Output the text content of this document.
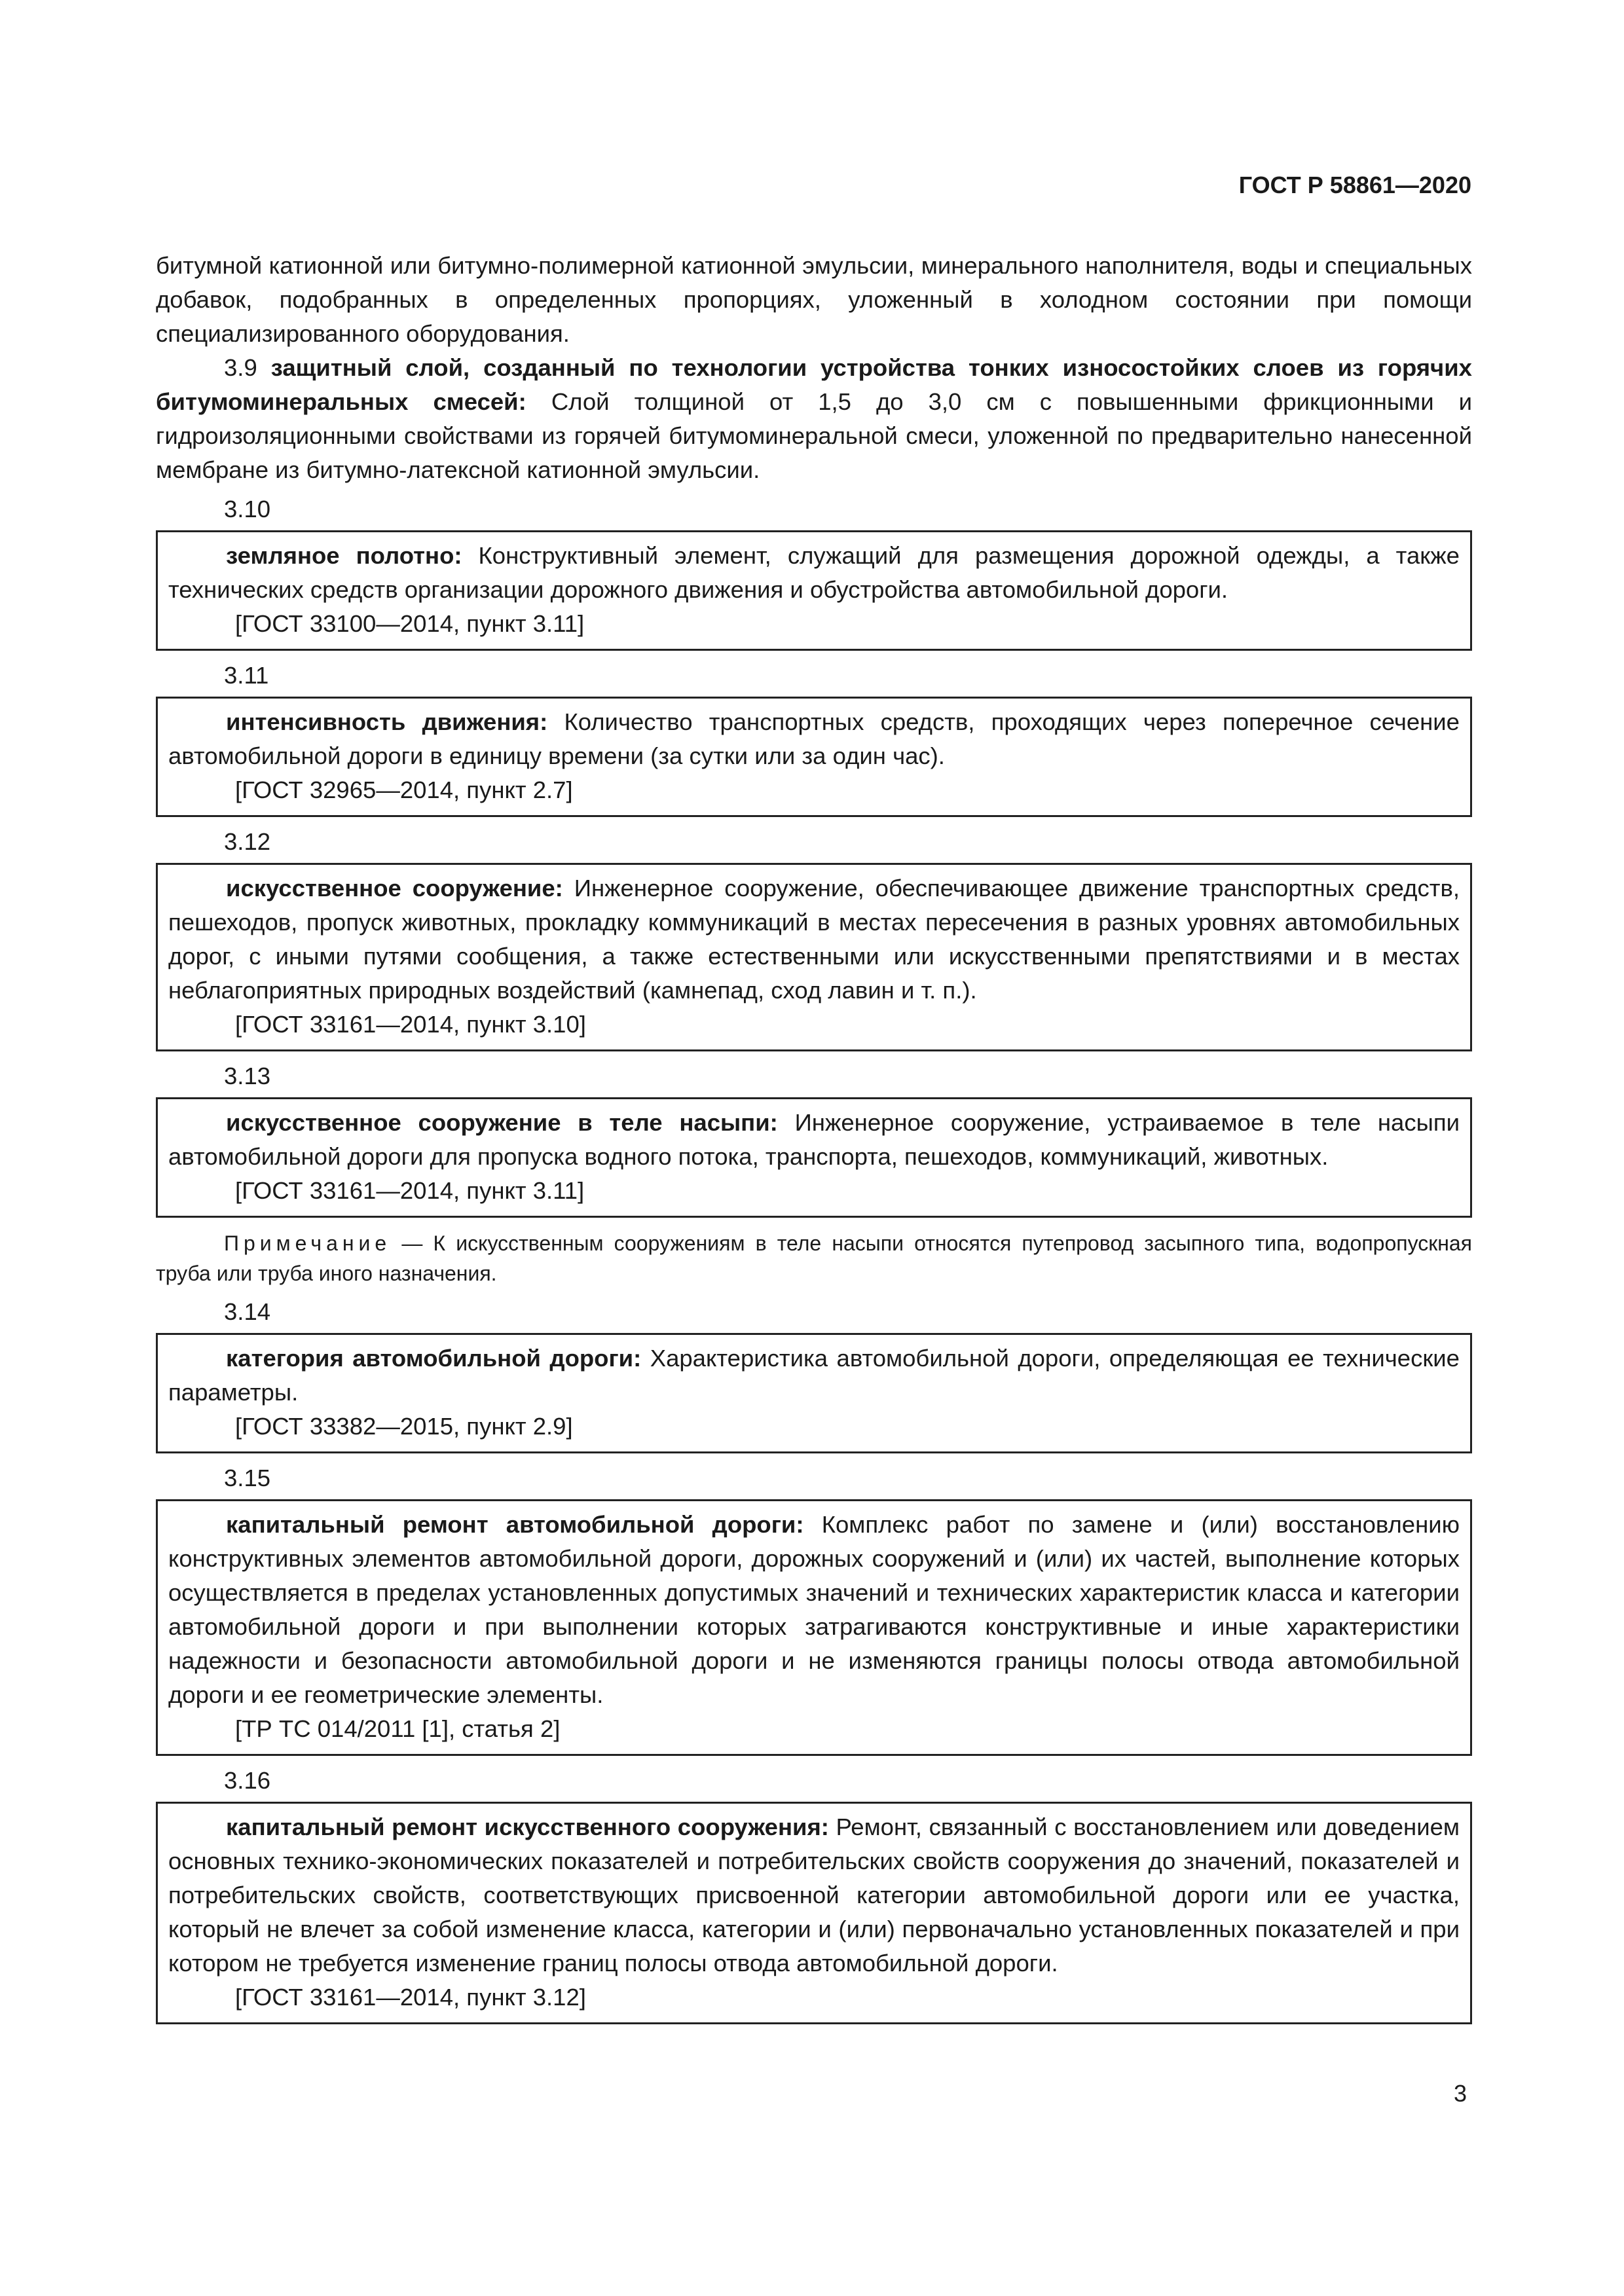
ГОСТ Р 58861—2020

битумной катионной или битумно-полимерной катионной эмульсии, минерального наполнителя, воды и специальных добавок, подобранных в определенных пропорциях, уложенный в холодном состоянии при помощи специализированного оборудования.

3.9 защитный слой, созданный по технологии устройства тонких износостойких слоев из горячих битумоминеральных смесей: Слой толщиной от 1,5 до 3,0 см с повышенными фрикционными и гидроизоляционными свойствами из горячей битумоминеральной смеси, уложенной по предварительно нанесенной мембране из битумно-латексной катионной эмульсии.

3.10

земляное полотно: Конструктивный элемент, служащий для размещения дорожной одежды, а также технических средств организации дорожного движения и обустройства автомобильной дороги.

[ГОСТ 33100—2014, пункт 3.11]

3.11

интенсивность движения: Количество транспортных средств, проходящих через поперечное сечение автомобильной дороги в единицу времени (за сутки или за один час).

[ГОСТ 32965—2014, пункт 2.7]

3.12

искусственное сооружение: Инженерное сооружение, обеспечивающее движение транспортных средств, пешеходов, пропуск животных, прокладку коммуникаций в местах пересечения в разных уровнях автомобильных дорог, с иными путями сообщения, а также естественными или искусственными препятствиями и в местах неблагоприятных природных воздействий (камнепад, сход лавин и т. п.).

[ГОСТ 33161—2014, пункт 3.10]

3.13

искусственное сооружение в теле насыпи: Инженерное сооружение, устраиваемое в теле насыпи автомобильной дороги для пропуска водного потока, транспорта, пешеходов, коммуникаций, животных.

[ГОСТ 33161—2014, пункт 3.11]

Примечание — К искусственным сооружениям в теле насыпи относятся путепровод засыпного типа, водопропускная труба или труба иного назначения.

3.14

категория автомобильной дороги: Характеристика автомобильной дороги, определяющая ее технические параметры.

[ГОСТ 33382—2015, пункт 2.9]

3.15

капитальный ремонт автомобильной дороги: Комплекс работ по замене и (или) восстановлению конструктивных элементов автомобильной дороги, дорожных сооружений и (или) их частей, выполнение которых осуществляется в пределах установленных допустимых значений и технических характеристик класса и категории автомобильной дороги и при выполнении которых затрагиваются конструктивные и иные характеристики надежности и безопасности автомобильной дороги и не изменяются границы полосы отвода автомобильной дороги и ее геометрические элементы.

[ТР ТС 014/2011 [1], статья 2]

3.16

капитальный ремонт искусственного сооружения: Ремонт, связанный с восстановлением или доведением основных технико-экономических показателей и потребительских свойств сооружения до значений, показателей и потребительских свойств, соответствующих присвоенной категории автомобильной дороги или ее участка, который не влечет за собой изменение класса, категории и (или) первоначально установленных показателей и при котором не требуется изменение границ полосы отвода автомобильной дороги.

[ГОСТ 33161—2014, пункт 3.12]

3
